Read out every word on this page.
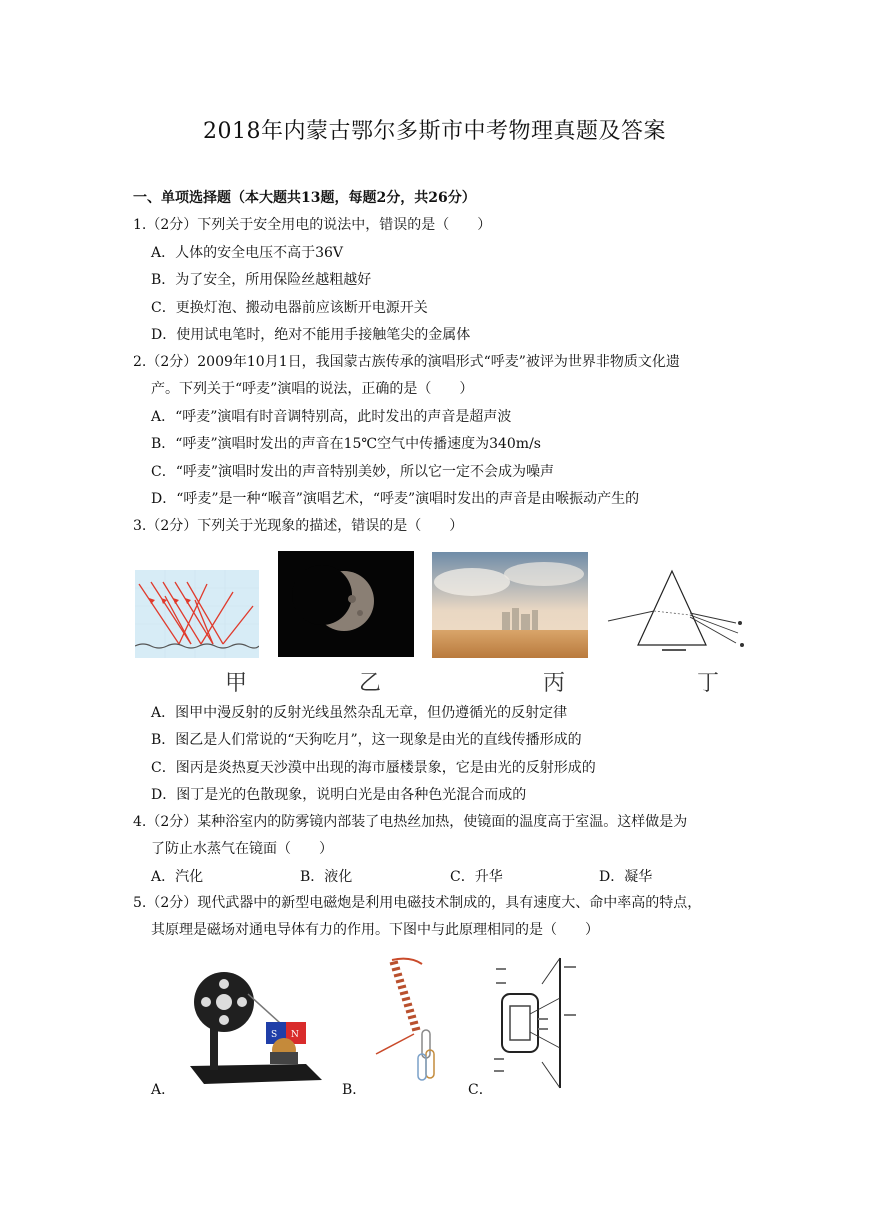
2018年内蒙古鄂尔多斯市中考物理真题及答案
一、单项选择题（本大题共13题，每题2分，共26分）
1.（2分）下列关于安全用电的说法中，错误的是（　　）
A．人体的安全电压不高于36V
B．为了安全，所用保险丝越粗越好
C．更换灯泡、搬动电器前应该断开电源开关
D．使用试电笔时，绝对不能用手接触笔尖的金属体
2.（2分）2009年10月1日，我国蒙古族传承的演唱形式“呼麦”被评为世界非物质文化遗
产。下列关于“呼麦”演唱的说法，正确的是（　　）
A．“呼麦”演唱有时音调特别高，此时发出的声音是超声波
B．“呼麦”演唱时发出的声音在15℃空气中传播速度为340m/s
C．“呼麦”演唱时发出的声音特别美妙，所以它一定不会成为噪声
D．“呼麦”是一种“喉音”演唱艺术，“呼麦”演唱时发出的声音是由喉振动产生的
3.（2分）下列关于光现象的描述，错误的是（　　）
甲	乙	丙	丁
A．图甲中漫反射的反射光线虽然杂乱无章，但仍遵循光的反射定律
B．图乙是人们常说的“天狗吃月”，这一现象是由光的直线传播形成的
C．图丙是炎热夏天沙漠中出现的海市蜃楼景象，它是由光的反射形成的
D．图丁是光的色散现象，说明白光是由各种色光混合而成的
4.（2分）某种浴室内的防雾镜内部装了电热丝加热，使镜面的温度高于室温。这样做是为
了防止水蒸气在镜面（　　）
A．汽化	B．液化	C．升华	D．凝华
5.（2分）现代武器中的新型电磁炮是利用电磁技术制成的，具有速度大、命中率高的特点，
其原理是磁场对通电导体有力的作用。下图中与此原理相同的是（　　）
S N
A．	B．	C．
